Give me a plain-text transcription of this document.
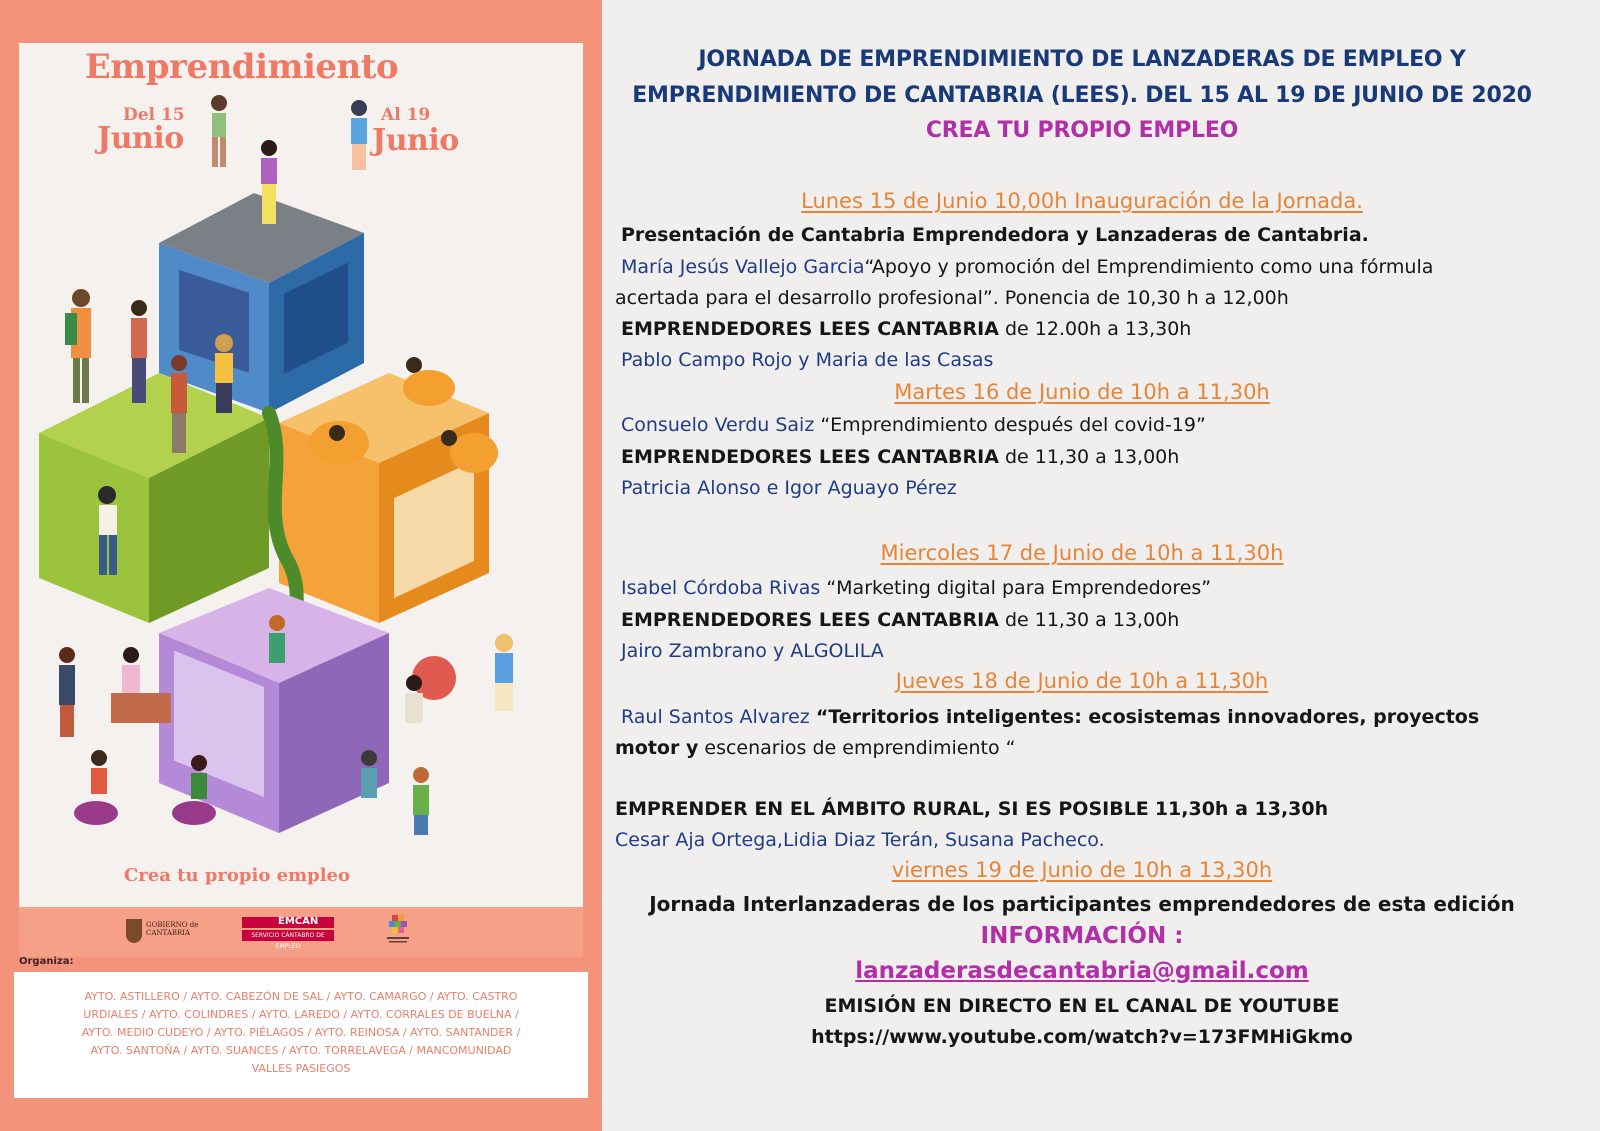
Emprendimiento
Del 15
Junio
Al 19
Junio
Crea tu propio empleo
GOBIERNO de CANTABRIA
EMCAN
SERVICIO CÁNTABRO DE EMPLEO
Organiza:
AYTO. ASTILLERO / AYTO. CABEZÓN DE SAL / AYTO. CAMARGO / AYTO. CASTRO URDIALES / AYTO. COLINDRES / AYTO. LAREDO / AYTO. CORRALES DE BUELNA / AYTO. MEDIO CUDEYO / AYTO. PIÉLAGOS / AYTO. REINOSA / AYTO. SANTANDER / AYTO. SANTOÑA / AYTO. SUANCES / AYTO. TORRELAVEGA / MANCOMUNIDAD VALLES PASIEGOS
JORNADA DE EMPRENDIMIENTO DE LANZADERAS DE EMPLEO Y
EMPRENDIMIENTO DE CANTABRIA (LEES). DEL 15 AL 19 DE JUNIO DE 2020
CREA TU PROPIO EMPLEO
Lunes 15 de Junio 10,00h Inauguración de la Jornada.
Presentación de Cantabria Emprendedora y Lanzaderas de Cantabria.
María Jesús Vallejo Garcia“Apoyo y promoción del Emprendimiento como una fórmula
acertada para el desarrollo profesional”. Ponencia de 10,30 h a 12,00h
EMPRENDEDORES LEES CANTABRIA de 12.00h a 13,30h
Pablo Campo Rojo y Maria de las Casas
Martes 16 de Junio de 10h a 11,30h
Consuelo Verdu Saiz “Emprendimiento después del covid-19”
EMPRENDEDORES LEES CANTABRIA de 11,30 a 13,00h
Patricia Alonso e Igor Aguayo Pérez
Miercoles 17 de Junio de 10h a 11,30h
Isabel Córdoba Rivas “Marketing digital para Emprendedores”
EMPRENDEDORES LEES CANTABRIA de 11,30 a 13,00h
Jairo Zambrano y ALGOLILA
Jueves 18 de Junio de 10h a 11,30h
Raul Santos Alvarez “Territorios inteligentes: ecosistemas innovadores, proyectos
motor y escenarios de emprendimiento “
EMPRENDER EN EL ÁMBITO RURAL, SI ES POSIBLE 11,30h a 13,30h
Cesar Aja Ortega,Lidia Diaz Terán, Susana Pacheco.
viernes 19 de Junio de 10h a 13,30h
Jornada Interlanzaderas de los participantes emprendedores de esta edición
INFORMACIÓN :
lanzaderasdecantabria@gmail.com
EMISIÓN EN DIRECTO EN EL CANAL DE YOUTUBE
https://www.youtube.com/watch?v=173FMHiGkmo
